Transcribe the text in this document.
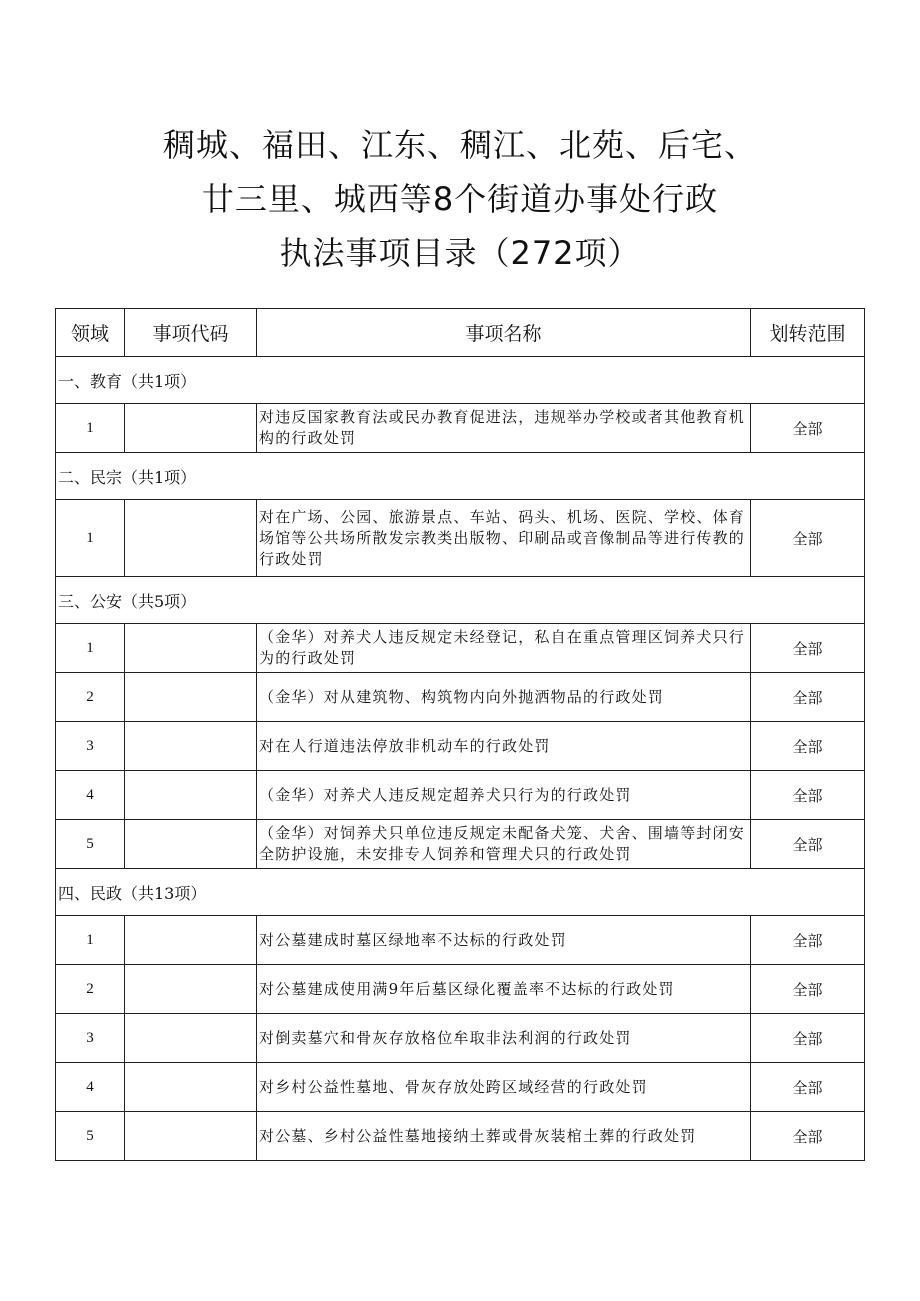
稠城、福田、江东、稠江、北苑、后宅、
廿三里、城西等8个街道办事处行政
执法事项目录（272项）
领域	事项代码	事项名称	划转范围
一、教育（共1项）			
1		对违反国家教育法或民办教育促进法，违规举办学校或者其他教育机构的行政处罚	全部
二、民宗（共1项）			
1		对在广场、公园、旅游景点、车站、码头、机场、医院、学校、体育场馆等公共场所散发宗教类出版物、印刷品或音像制品等进行传教的行政处罚	全部
三、公安（共5项）			
1		（金华）对养犬人违反规定未经登记，私自在重点管理区饲养犬只行为的行政处罚	全部
2		（金华）对从建筑物、构筑物内向外抛洒物品的行政处罚	全部
3		对在人行道违法停放非机动车的行政处罚	全部
4		（金华）对养犬人违反规定超养犬只行为的行政处罚	全部
5		（金华）对饲养犬只单位违反规定未配备犬笼、犬舍、围墙等封闭安全防护设施，未安排专人饲养和管理犬只的行政处罚	全部
四、民政（共13项）			
1		对公墓建成时墓区绿地率不达标的行政处罚	全部
2		对公墓建成使用满9年后墓区绿化覆盖率不达标的行政处罚	全部
3		对倒卖墓穴和骨灰存放格位牟取非法利润的行政处罚	全部
4		对乡村公益性墓地、骨灰存放处跨区域经营的行政处罚	全部
5		对公墓、乡村公益性墓地接纳土葬或骨灰装棺土葬的行政处罚	全部
